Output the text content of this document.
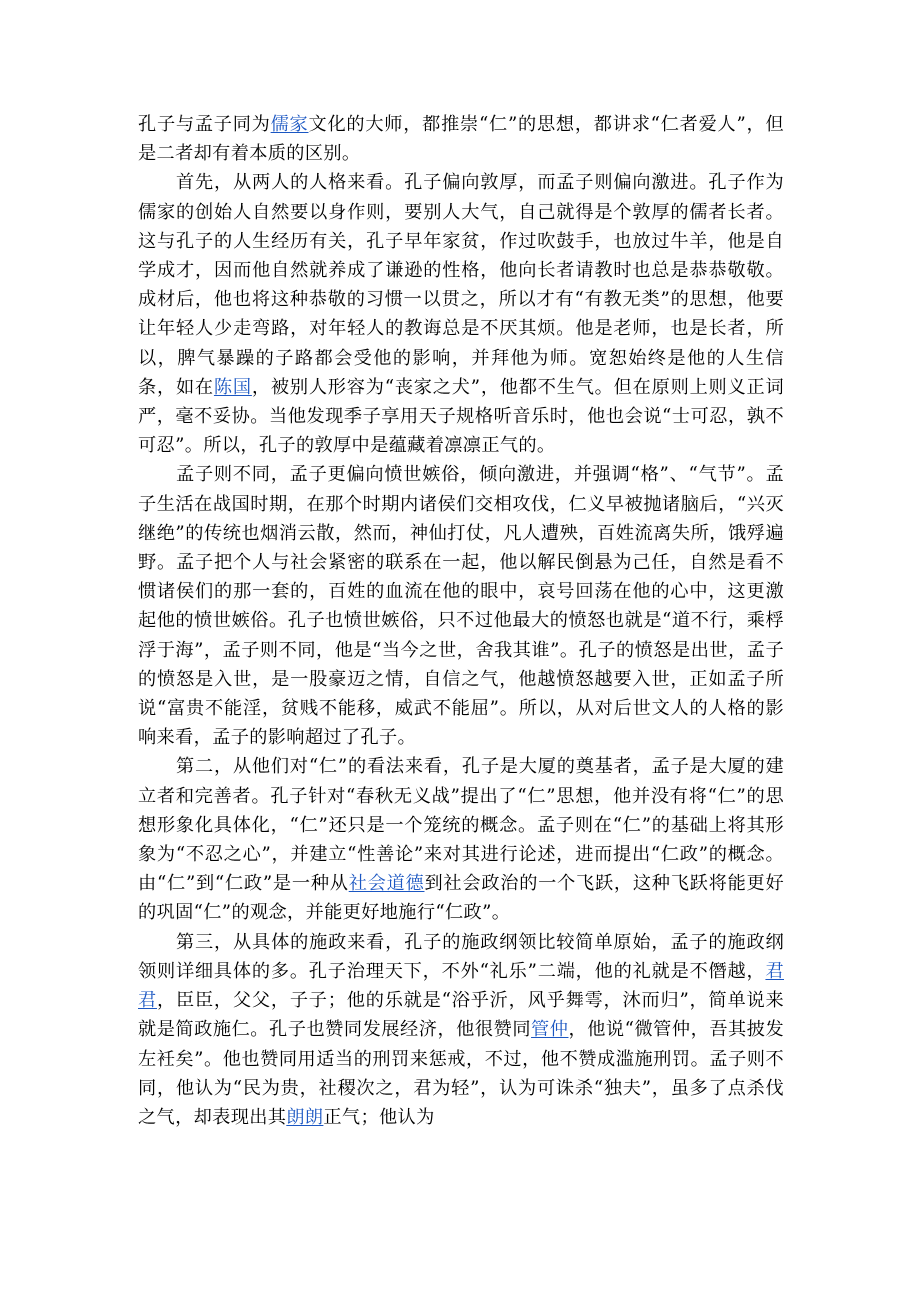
孔子与孟子同为儒家文化的大师，都推崇“仁”的思想，都讲求“仁者爱人”，但是二者却有着本质的区别。

首先，从两人的人格来看。孔子偏向敦厚，而孟子则偏向激进。孔子作为儒家的创始人自然要以身作则，要别人大气，自己就得是个敦厚的儒者长者。这与孔子的人生经历有关，孔子早年家贫，作过吹鼓手，也放过牛羊，他是自学成才，因而他自然就养成了谦逊的性格，他向长者请教时也总是恭恭敬敬。成材后，他也将这种恭敬的习惯一以贯之，所以才有“有教无类”的思想，他要让年轻人少走弯路，对年轻人的教诲总是不厌其烦。他是老师，也是长者，所以，脾气暴躁的子路都会受他的影响，并拜他为师。宽恕始终是他的人生信条，如在陈国，被别人形容为“丧家之犬”，他都不生气。但在原则上则义正词严，毫不妥协。当他发现季子享用天子规格听音乐时，他也会说“士可忍，孰不可忍”。所以，孔子的敦厚中是蕴藏着凛凛正气的。

孟子则不同，孟子更偏向愤世嫉俗，倾向激进，并强调“格”、“气节”。孟子生活在战国时期，在那个时期内诸侯们交相攻伐，仁义早被抛诸脑后，“兴灭继绝”的传统也烟消云散，然而，神仙打仗，凡人遭殃，百姓流离失所，饿殍遍野。孟子把个人与社会紧密的联系在一起，他以解民倒悬为己任，自然是看不惯诸侯们的那一套的，百姓的血流在他的眼中，哀号回荡在他的心中，这更激起他的愤世嫉俗。孔子也愤世嫉俗，只不过他最大的愤怒也就是“道不行，乘桴浮于海”，孟子则不同，他是“当今之世，舍我其谁”。孔子的愤怒是出世，孟子的愤怒是入世，是一股豪迈之情，自信之气，他越愤怒越要入世，正如孟子所说“富贵不能淫，贫贱不能移，威武不能屈”。所以，从对后世文人的人格的影响来看，孟子的影响超过了孔子。

第二，从他们对“仁”的看法来看，孔子是大厦的奠基者，孟子是大厦的建立者和完善者。孔子针对“春秋无义战”提出了“仁”思想，他并没有将“仁”的思想形象化具体化，“仁”还只是一个笼统的概念。孟子则在“仁”的基础上将其形象为“不忍之心”，并建立“性善论”来对其进行论述，进而提出“仁政”的概念。由“仁”到“仁政”是一种从社会道德到社会政治的一个飞跃，这种飞跃将能更好的巩固“仁”的观念，并能更好地施行“仁政”。

第三，从具体的施政来看，孔子的施政纲领比较简单原始，孟子的施政纲领则详细具体的多。孔子治理天下，不外“礼乐”二端，他的礼就是不僭越，君君，臣臣，父父，子子；他的乐就是“浴乎沂，风乎舞雩，沐而归”，简单说来就是简政施仁。孔子也赞同发展经济，他很赞同管仲，他说“微管仲，吾其披发左衽矣”。他也赞同用适当的刑罚来惩戒，不过，他不赞成滥施刑罚。孟子则不同，他认为“民为贵，社稷次之，君为轻”，认为可诛杀“独夫”，虽多了点杀伐之气，却表现出其朗朗正气；他认为
